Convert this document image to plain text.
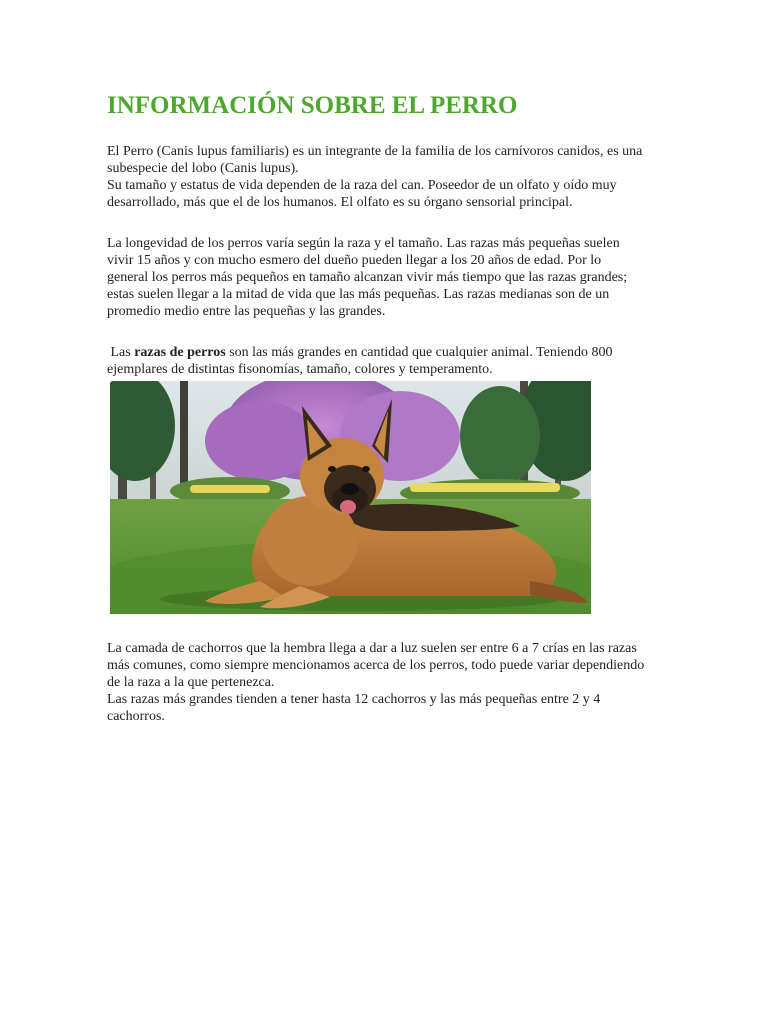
INFORMACIÓN SOBRE EL PERRO

El Perro (Canis lupus familiaris) es un integrante de la familia de los carnívoros canidos, es una
subespecie del lobo (Canis lupus).
Su tamaño y estatus de vida dependen de la raza del can. Poseedor de un olfato y oído muy
desarrollado, más que el de los humanos. El olfato es su órgano sensorial principal.

La longevidad de los perros varía según la raza y el tamaño. Las razas más pequeñas suelen
vivir 15 años y con mucho esmero del dueño pueden llegar a los 20 años de edad. Por lo
general los perros más pequeños en tamaño alcanzan vivir más tiempo que las razas grandes;
estas suelen llegar a la mitad de vida que las más pequeñas. Las razas medianas son de un
promedio medio entre las pequeñas y las grandes.

Las razas de perros son las más grandes en cantidad que cualquier animal. Teniendo 800
ejemplares de distintas fisonomías, tamaño, colores y temperamento.

La camada de cachorros que la hembra llega a dar a luz suelen ser entre 6 a 7 crías en las razas
más comunes, como siempre mencionamos acerca de los perros, todo puede variar dependiendo
de la raza a la que pertenezca.
Las razas más grandes tienden a tener hasta 12 cachorros y las más pequeñas entre 2 y 4
cachorros.
